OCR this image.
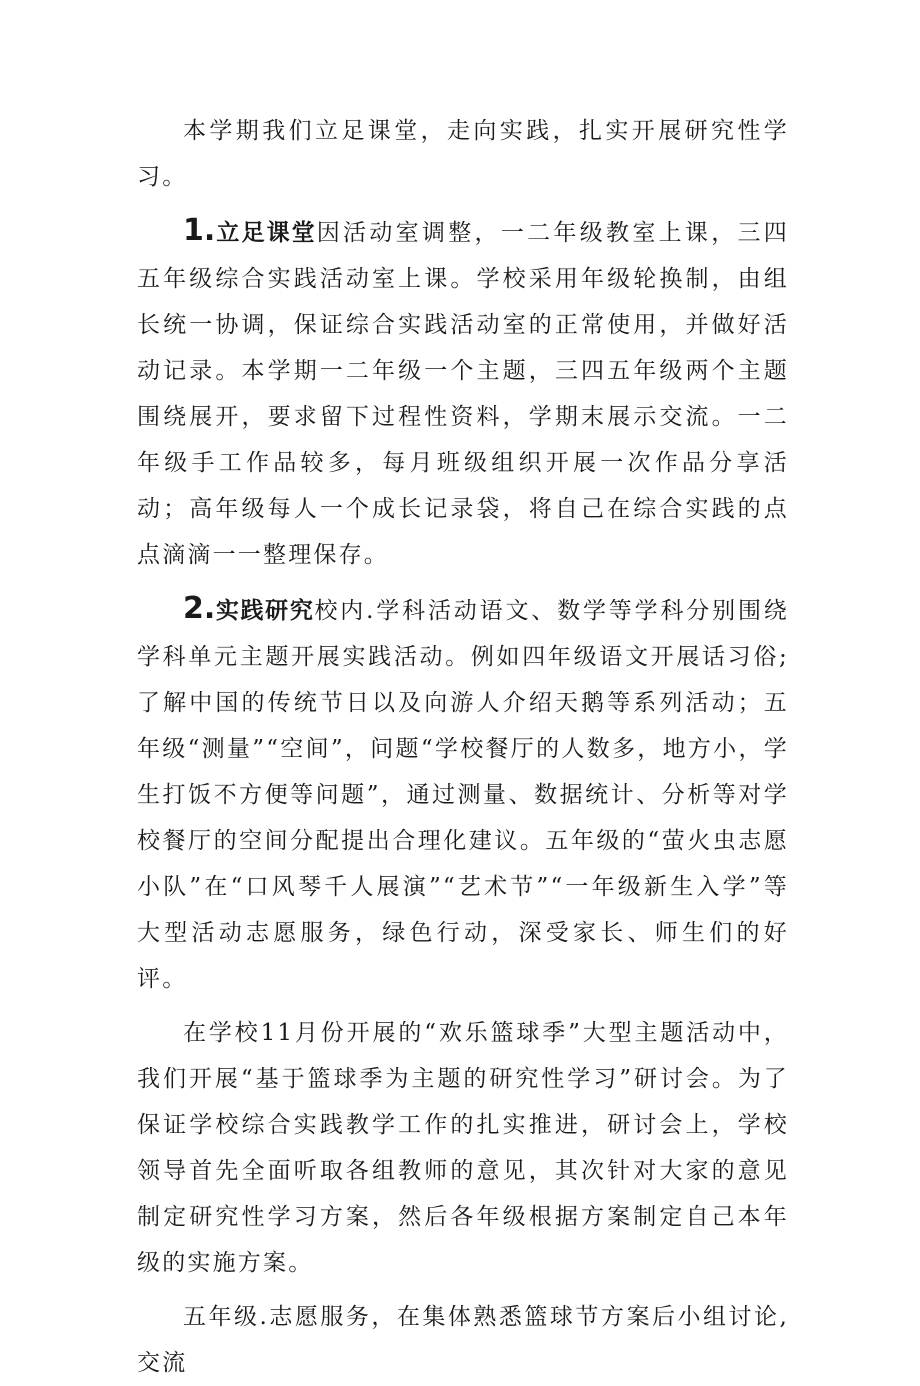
本学期我们立足课堂，走向实践，扎实开展研究性学习。

1.立足课堂因活动室调整，一二年级教室上课，三四五年级综合实践活动室上课。学校采用年级轮换制，由组长统一协调，保证综合实践活动室的正常使用，并做好活动记录。本学期一二年级一个主题，三四五年级两个主题围绕展开，要求留下过程性资料，学期末展示交流。一二年级手工作品较多，每月班级组织开展一次作品分享活动；高年级每人一个成长记录袋，将自己在综合实践的点点滴滴一一整理保存。

2.实践研究校内.学科活动语文、数学等学科分别围绕学科单元主题开展实践活动。例如四年级语文开展话习俗;了解中国的传统节日以及向游人介绍天鹅等系列活动；五年级“测量”“空间”，问题“学校餐厅的人数多，地方小，学生打饭不方便等问题”，通过测量、数据统计、分析等对学校餐厅的空间分配提出合理化建议。五年级的“萤火虫志愿小队”在“口风琴千人展演”“艺术节”“一年级新生入学”等大型活动志愿服务，绿色行动，深受家长、师生们的好评。

在学校11月份开展的“欢乐篮球季”大型主题活动中，我们开展“基于篮球季为主题的研究性学习”研讨会。为了保证学校综合实践教学工作的扎实推进，研讨会上，学校领导首先全面听取各组教师的意见，其次针对大家的意见制定研究性学习方案，然后各年级根据方案制定自己本年级的实施方案。

五年级.志愿服务，在集体熟悉篮球节方案后小组讨论,交流
